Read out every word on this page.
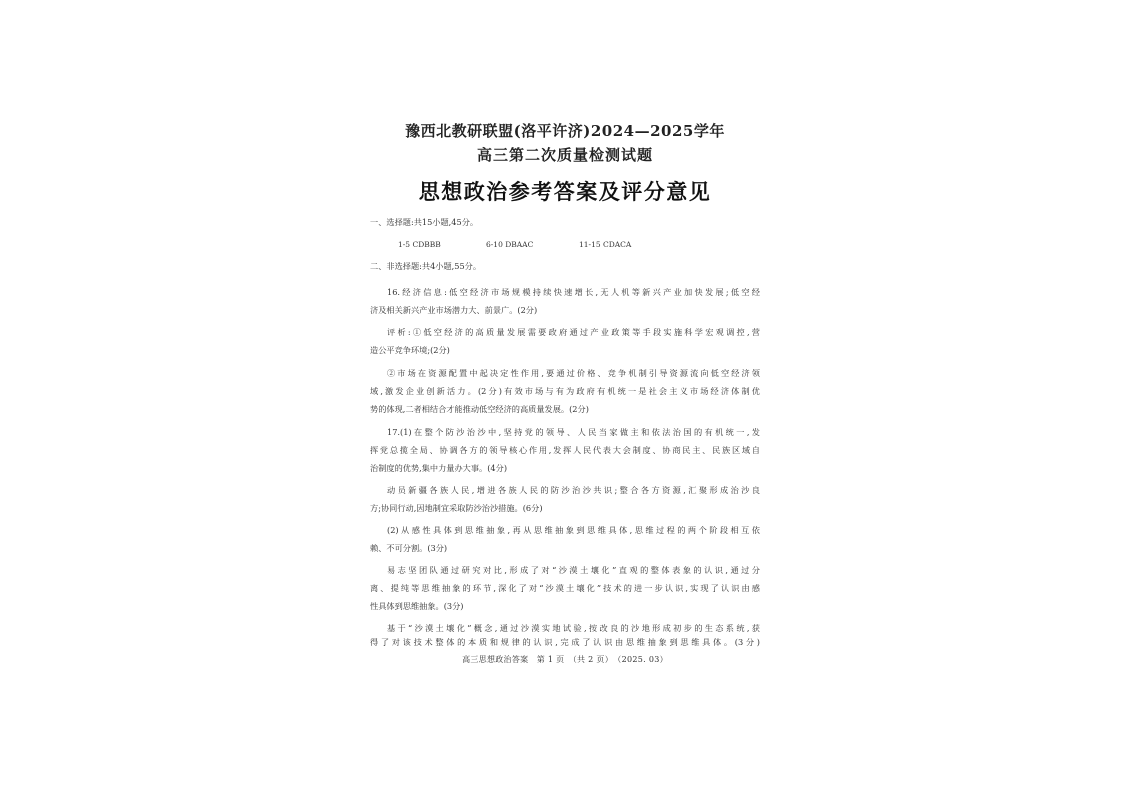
豫西北教研联盟(洛平许济)2024—2025学年
高三第二次质量检测试题
思想政治参考答案及评分意见
一、选择题:共15小题,45分。
1-5 CDBBB	6-10 DBAAC	11-15 CDACA
二、非选择题:共4小题,55分。
16.经济信息:低空经济市场规模持续快速增长,无人机等新兴产业加快发展;低空经
济及相关新兴产业市场潜力大、前景广。(2分)
评析:①低空经济的高质量发展需要政府通过产业政策等手段实施科学宏观调控,营
造公平竞争环境;(2分)
②市场在资源配置中起决定性作用,要通过价格、竞争机制引导资源流向低空经济领
域,激发企业创新活力。(2分)有效市场与有为政府有机统一是社会主义市场经济体制优
势的体现,二者相结合才能推动低空经济的高质量发展。(2分)
17.(1)在整个防沙治沙中,坚持党的领导、人民当家做主和依法治国的有机统一,发
挥党总揽全局、协调各方的领导核心作用,发挥人民代表大会制度、协商民主、民族区域自
治制度的优势,集中力量办大事。(4分)
动员新疆各族人民,增进各族人民的防沙治沙共识;整合各方资源,汇聚形成治沙良
方;协同行动,因地制宜采取防沙治沙措施。(6分)
(2)从感性具体到思维抽象,再从思维抽象到思维具体,思维过程的两个阶段相互依
赖、不可分割。(3分)
易志坚团队通过研究对比,形成了对“沙漠土壤化”直观的整体表象的认识,通过分
离、提纯等思维抽象的环节,深化了对“沙漠土壤化”技术的进一步认识,实现了认识由感
性具体到思维抽象。(3分)
基于“沙漠土壤化”概念,通过沙漠实地试验,按改良的沙地形成初步的生态系统,获
得了对该技术整体的本质和规律的认识,完成了认识由思维抽象到思维具体。(3分)
高三思想政治答案　第 1 页　（共 2 页）　（2025. 03）
